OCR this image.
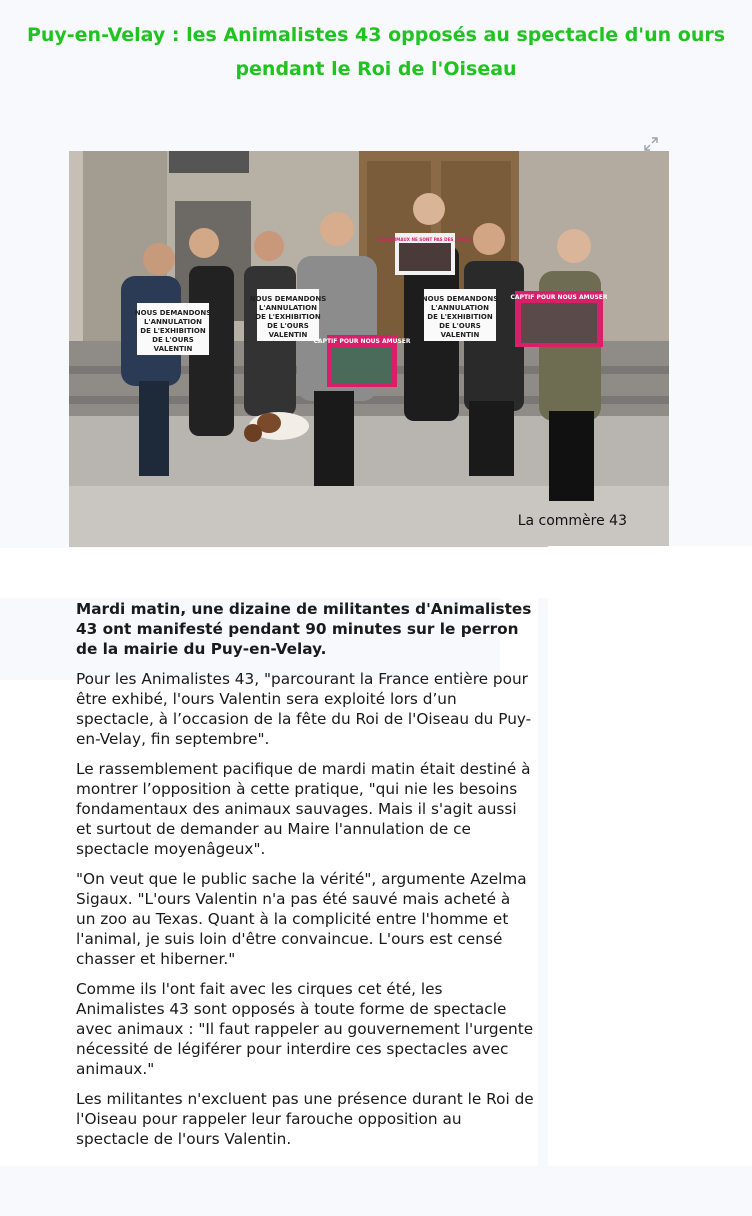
Puy-en-Velay : les Animalistes 43 opposés au spectacle d'un ours pendant le Roi de l'Oiseau
NOUS DEMANDONS
L'ANNULATION
DE L'EXHIBITION
DE L'OURS
VALENTIN
NOUS DEMANDONS
L'ANNULATION
DE L'EXHIBITION
DE L'OURS
VALENTIN
NOUS DEMANDONS
L'ANNULATION
DE L'EXHIBITION
DE L'OURS
VALENTIN
CAPTIF POUR NOUS AMUSER
CAPTIF POUR NOUS AMUSER
LES ANIMAUX NE SONT PAS DES JOUETS
La commère 43

Mardi matin, une dizaine de militantes d'Animalistes 43 ont manifesté pendant 90 minutes sur le perron de la mairie du Puy-en-Velay.

Pour les Animalistes 43, "parcourant la France entière pour être exhibé, l'ours Valentin sera exploité lors d’un spectacle, à l’occasion de la fête du Roi de l'Oiseau du Puy-en-Velay, fin septembre".

Le rassemblement pacifique de mardi matin était destiné à montrer l’opposition à cette pratique, "qui nie les besoins fondamentaux des animaux sauvages. Mais il s'agit aussi et surtout de demander au Maire l'annulation de ce spectacle moyenâgeux".

"On veut que le public sache la vérité", argumente Azelma Sigaux. "L'ours Valentin n'a pas été sauvé mais acheté à un zoo au Texas. Quant à la complicité entre l'homme et l'animal, je suis loin d'être convaincue. L'ours est censé chasser et hiberner."

Comme ils l'ont fait avec les cirques cet été, les Animalistes 43 sont opposés à toute forme de spectacle avec animaux : "Il faut rappeler au gouvernement l'urgente nécessité de légiférer pour interdire ces spectacles avec animaux."

Les militantes n'excluent pas une présence durant le Roi de l'Oiseau pour rappeler leur farouche opposition au spectacle de l'ours Valentin.
